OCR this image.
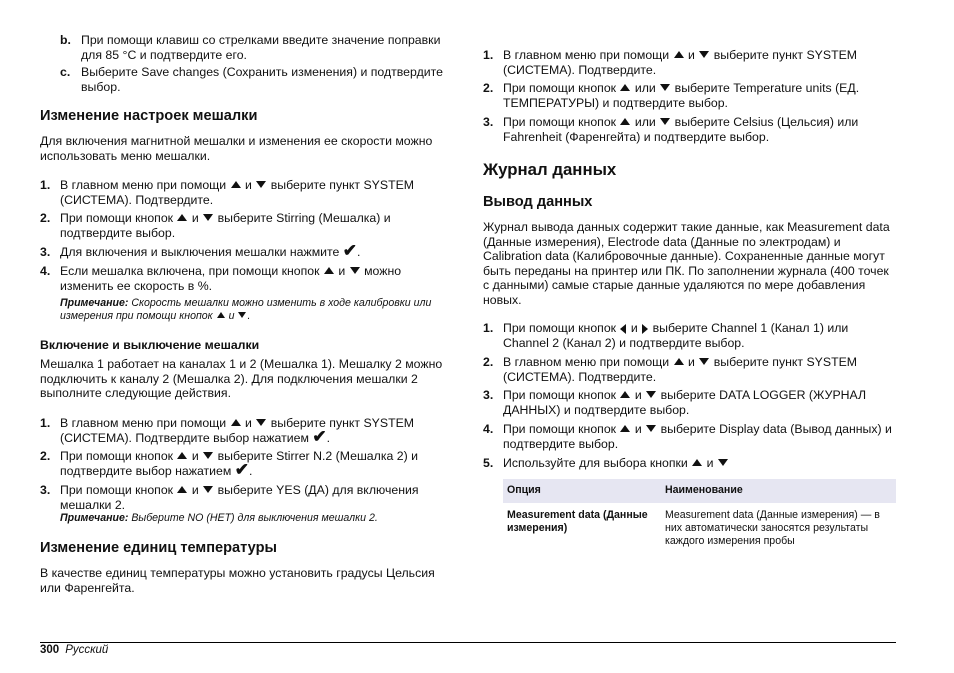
b. При помощи клавиш со стрелками введите значение поправки для 85 °C и подтвердите его.
c. Выберите Save changes (Сохранить изменения) и подтвердите выбор.
Изменение настроек мешалки
Для включения магнитной мешалки и изменения ее скорости можно использовать меню мешалки.
1. В главном меню при помощи и выберите пункт SYSTEM (СИСТЕМА). Подтвердите.
2. При помощи кнопок и выберите Stirring (Мешалка) и подтвердите выбор.
3. Для включения и выключения мешалки нажмите ✔.
4. Если мешалка включена, при помощи кнопок и можно изменить ее скорость в %.
Примечание: Скорость мешалки можно изменить в ходе калибровки или измерения при помощи кнопок и .
Включение и выключение мешалки
Мешалка 1 работает на каналах 1 и 2 (Мешалка 1). Мешалку 2 можно подключить к каналу 2 (Мешалка 2). Для подключения мешалки 2 выполните следующие действия.
1. В главном меню при помощи и выберите пункт SYSTEM (СИСТЕМА). Подтвердите выбор нажатием ✔.
2. При помощи кнопок и выберите Stirrer N.2 (Мешалка 2) и подтвердите выбор нажатием ✔.
3. При помощи кнопок и выберите YES (ДА) для включения мешалки 2.
Примечание: Выберите NO (НЕТ) для выключения мешалки 2.
Изменение единиц температуры
В качестве единиц температуры можно установить градусы Цельсия или Фаренгейта.
1. В главном меню при помощи и выберите пункт SYSTEM (СИСТЕМА). Подтвердите.
2. При помощи кнопок или выберите Temperature units (ЕД. ТЕМПЕРАТУРЫ) и подтвердите выбор.
3. При помощи кнопок или выберите Celsius (Цельсия) или Fahrenheit (Фаренгейта) и подтвердите выбор.
Журнал данных
Вывод данных
Журнал вывода данных содержит такие данные, как Measurement data (Данные измерения), Electrode data (Данные по электродам) и Calibration data (Калибровочные данные). Сохраненные данные могут быть переданы на принтер или ПК. По заполнении журнала (400 точек с данными) самые старые данные удаляются по мере добавления новых.
1. При помощи кнопок и выберите Channel 1 (Канал 1) или Channel 2 (Канал 2) и подтвердите выбор.
2. В главном меню при помощи и выберите пункт SYSTEM (СИСТЕМА). Подтвердите.
3. При помощи кнопок и выберите DATA LOGGER (ЖУРНАЛ ДАННЫХ) и подтвердите выбор.
4. При помощи кнопок и выберите Display data (Вывод данных) и подтвердите выбор.
5. Используйте для выбора кнопки и
Опция	Наименование
Measurement data (Данные измерения)	Measurement data (Данные измерения) — в них автоматически заносятся результаты каждого измерения пробы
300 Русский
